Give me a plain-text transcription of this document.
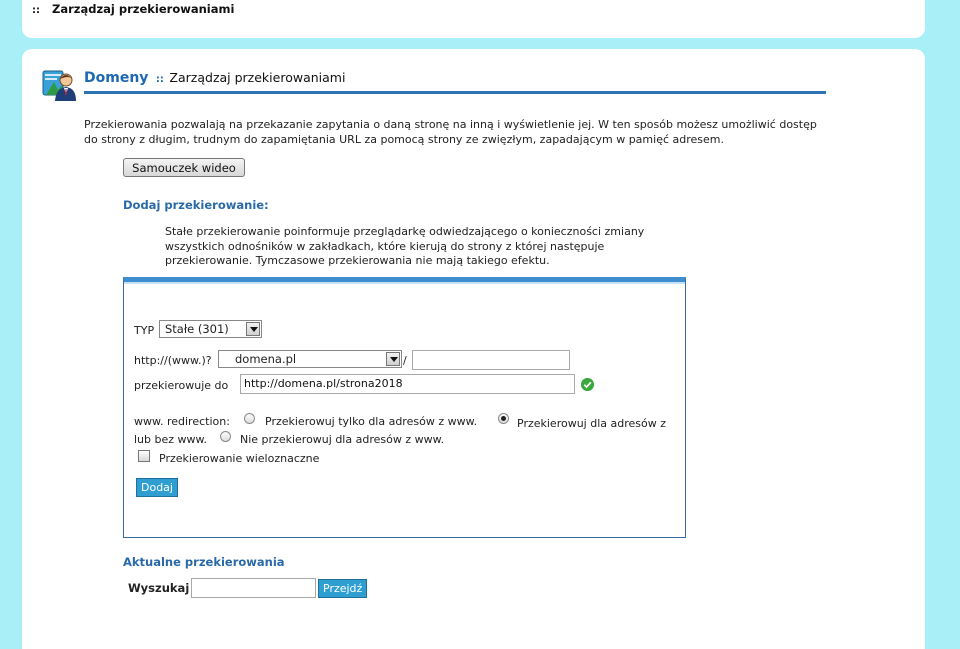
:: Zarządzaj przekierowaniami
Domeny :: Zarządzaj przekierowaniami
Przekierowania pozwalają na przekazanie zapytania o daną stronę na inną i wyświetlenie jej. W ten sposób możesz umożliwić dostęp do strony z długim, trudnym do zapamiętania URL za pomocą strony ze zwięzłym, zapadającym w pamięć adresem.
Samouczek wideo
Dodaj przekierowanie:
Stałe przekierowanie poinformuje przeglądarkę odwiedzającego o konieczności zmiany wszystkich odnośników w zakładkach, które kierują do strony z której następuje przekierowanie. Tymczasowe przekierowania nie mają takiego efektu.
TYP Stałe (301)
http://(www.)?	domena.pl	/
przekierowuje do	http://domena.pl/strona2018
www. redirection:	Przekierowuj tylko dla adresów z www.	Przekierowuj dla adresów z
lub bez www.	Nie przekierowuj dla adresów z www.
Przekierowanie wieloznaczne
Dodaj
Aktualne przekierowania
Wyszukaj	Przejdź
